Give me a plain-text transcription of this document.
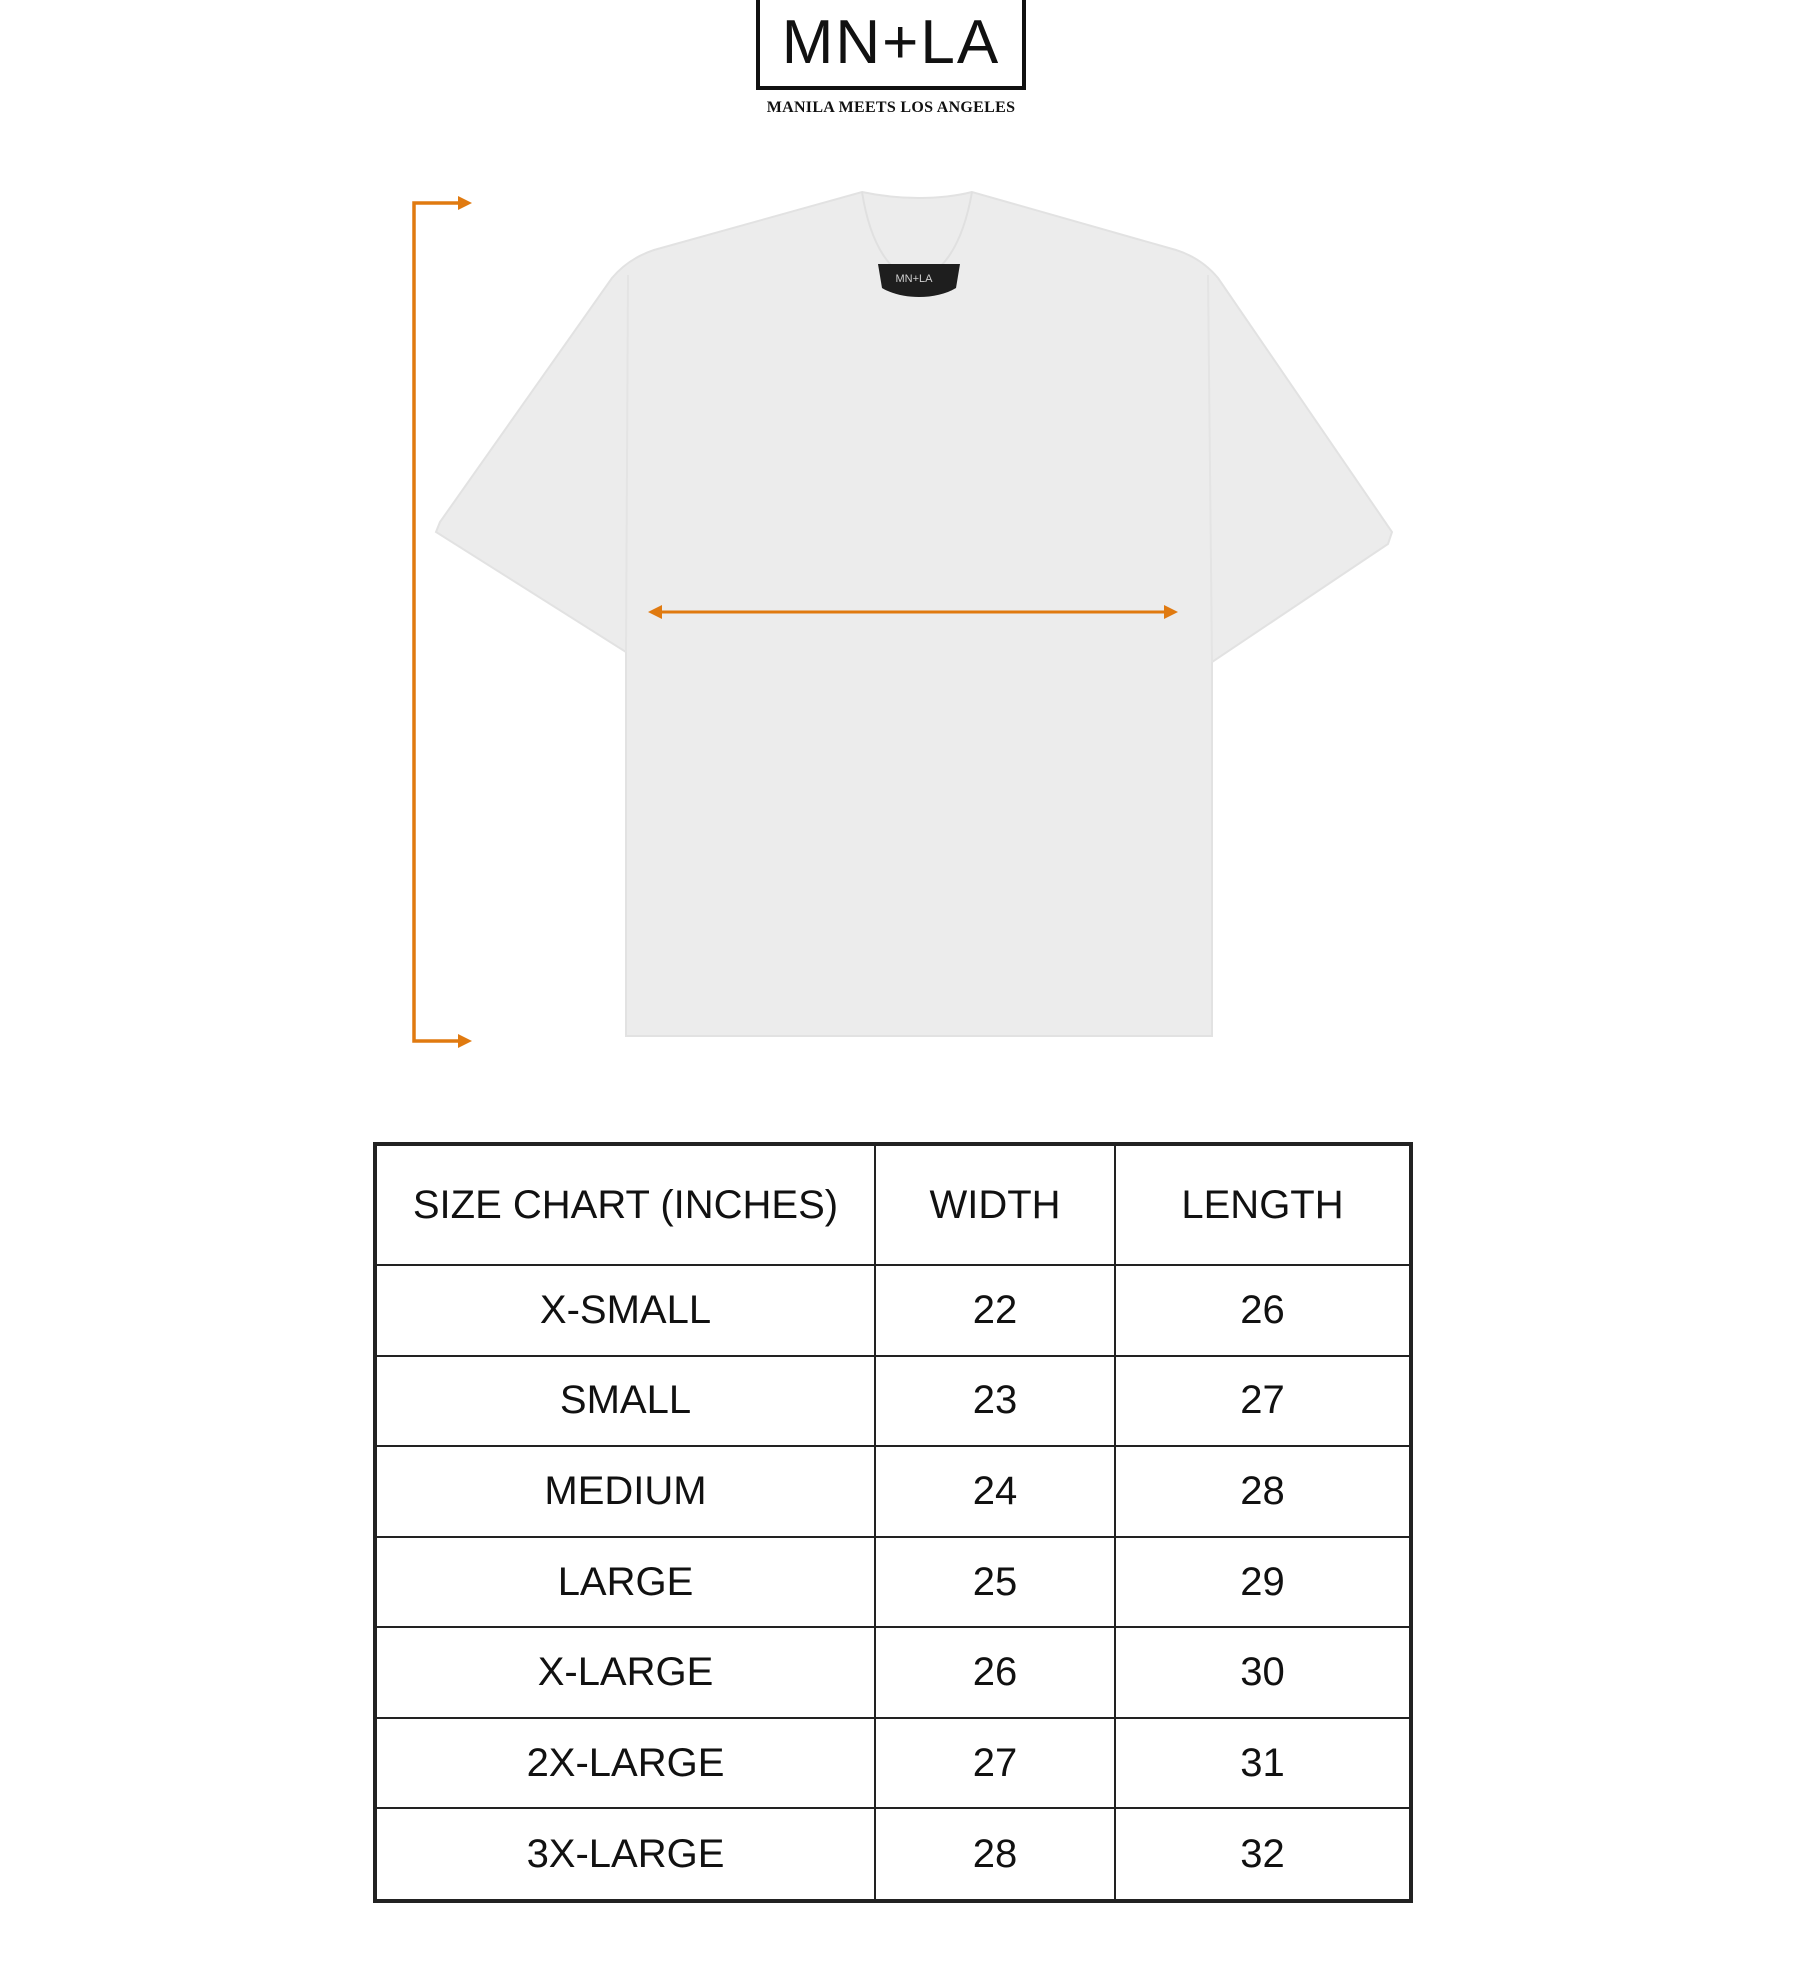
MN+LA
MANILA MEETS LOS ANGELES
MN+LA
SIZE CHART (INCHES)	WIDTH	LENGTH
X-SMALL	22	26
SMALL	23	27
MEDIUM	24	28
LARGE	25	29
X-LARGE	26	30
2X-LARGE	27	31
3X-LARGE	28	32
